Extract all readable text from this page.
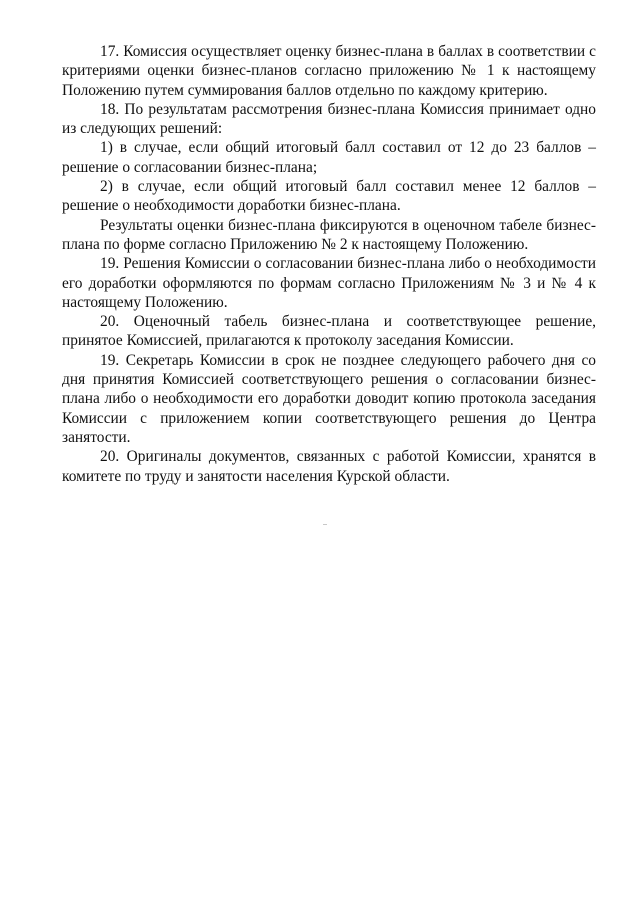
17. Комиссия осуществляет оценку бизнес-плана в баллах в соответствии с критериями оценки бизнес-планов согласно приложению № 1 к настоящему Положению путем суммирования баллов отдельно по каждому критерию.

18. По результатам рассмотрения бизнес-плана Комиссия принимает одно из следующих решений:

1) в случае, если общий итоговый балл составил от 12 до 23 баллов – решение о согласовании бизнес-плана;

2) в случае, если общий итоговый балл составил менее 12 баллов – решение о необходимости доработки бизнес-плана.

Результаты оценки бизнес-плана фиксируются в оценочном табеле бизнес-плана по форме согласно Приложению № 2 к настоящему Положению.

19. Решения Комиссии о согласовании бизнес-плана либо о необходимости его доработки оформляются по формам согласно Приложениям № 3 и № 4 к настоящему Положению.

20. Оценочный табель бизнес-плана и соответствующее решение, принятое Комиссией, прилагаются к протоколу заседания Комиссии.

19. Секретарь Комиссии в срок не позднее следующего рабочего дня со дня принятия Комиссией соответствующего решения о согласовании бизнес-плана либо о необходимости его доработки доводит копию протокола заседания Комиссии с приложением копии соответствующего решения до Центра занятости.

20. Оригиналы документов, связанных с работой Комиссии, хранятся в комитете по труду и занятости населения Курской области.
